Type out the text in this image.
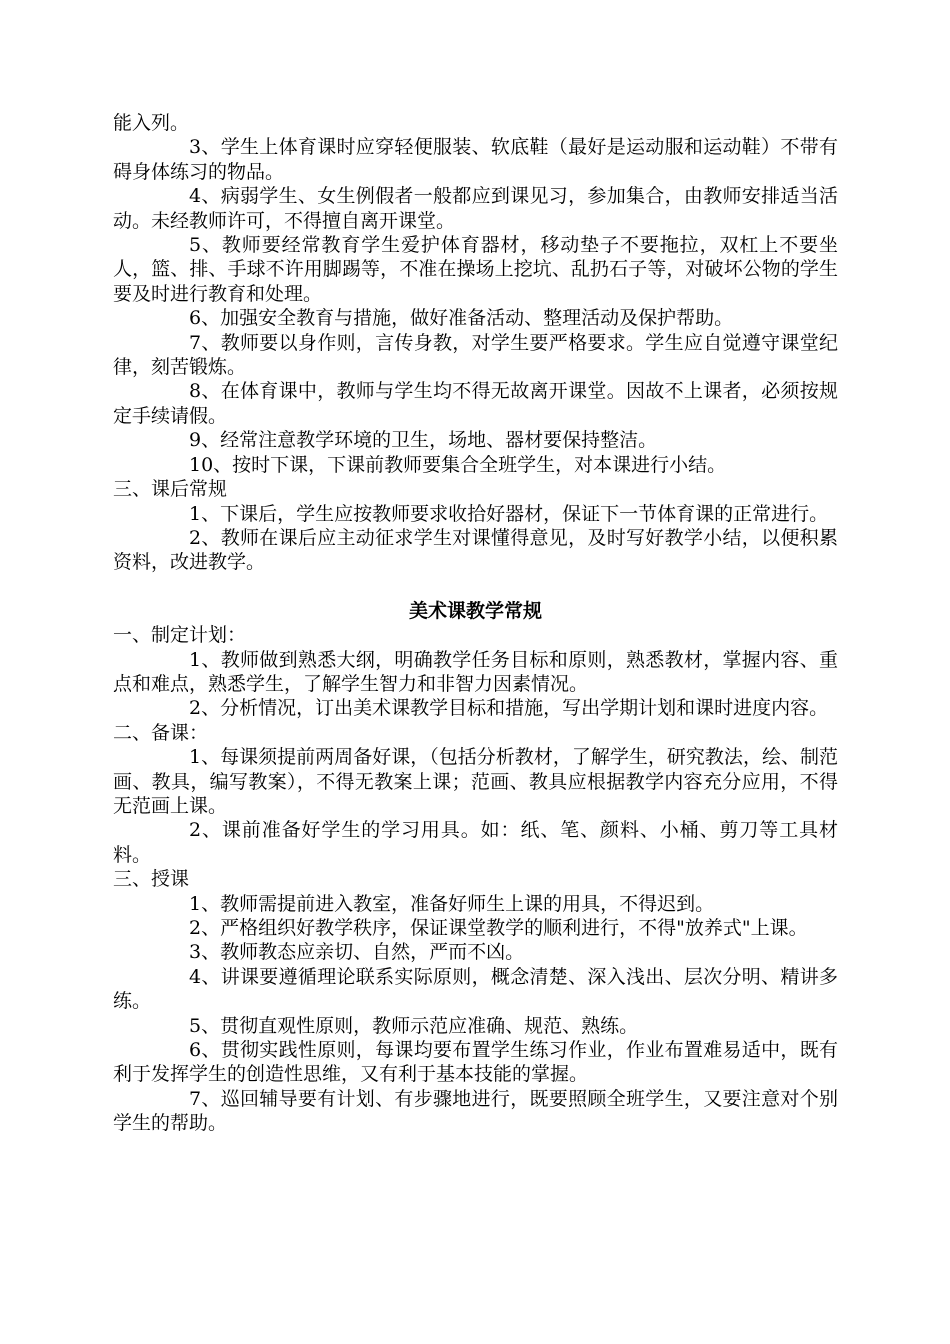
能入列。

3、学生上体育课时应穿轻便服装、软底鞋（最好是运动服和运动鞋）不带有碍身体练习的物品。

4、病弱学生、女生例假者一般都应到课见习，参加集合，由教师安排适当活动。未经教师许可，不得擅自离开课堂。

5、教师要经常教育学生爱护体育器材，移动垫子不要拖拉，双杠上不要坐人，篮、排、手球不许用脚踢等，不准在操场上挖坑、乱扔石子等，对破坏公物的学生要及时进行教育和处理。

6、加强安全教育与措施，做好准备活动、整理活动及保护帮助。

7、教师要以身作则，言传身教，对学生要严格要求。学生应自觉遵守课堂纪律，刻苦锻炼。

8、在体育课中，教师与学生均不得无故离开课堂。因故不上课者，必须按规定手续请假。

9、经常注意教学环境的卫生，场地、器材要保持整洁。

10、按时下课，下课前教师要集合全班学生，对本课进行小结。

三、课后常规

1、下课后，学生应按教师要求收拾好器材，保证下一节体育课的正常进行。

2、教师在课后应主动征求学生对课懂得意见，及时写好教学小结，以便积累资料，改进教学。

美术课教学常规

一、制定计划：

1、教师做到熟悉大纲，明确教学任务目标和原则，熟悉教材，掌握内容、重点和难点，熟悉学生，了解学生智力和非智力因素情况。

2、分析情况，订出美术课教学目标和措施，写出学期计划和课时进度内容。

二、备课：

1、每课须提前两周备好课，（包括分析教材，了解学生，研究教法，绘、制范画、教具，编写教案），不得无教案上课；范画、教具应根据教学内容充分应用，不得无范画上课。

2、课前准备好学生的学习用具。如：纸、笔、颜料、小桶、剪刀等工具材料。

三、授课

1、教师需提前进入教室，准备好师生上课的用具，不得迟到。

2、严格组织好教学秩序，保证课堂教学的顺利进行，不得"放养式"上课。

3、教师教态应亲切、自然，严而不凶。

4、讲课要遵循理论联系实际原则，概念清楚、深入浅出、层次分明、精讲多练。

5、贯彻直观性原则，教师示范应准确、规范、熟练。

6、贯彻实践性原则，每课均要布置学生练习作业，作业布置难易适中，既有利于发挥学生的创造性思维，又有利于基本技能的掌握。

7、巡回辅导要有计划、有步骤地进行，既要照顾全班学生，又要注意对个别学生的帮助。
